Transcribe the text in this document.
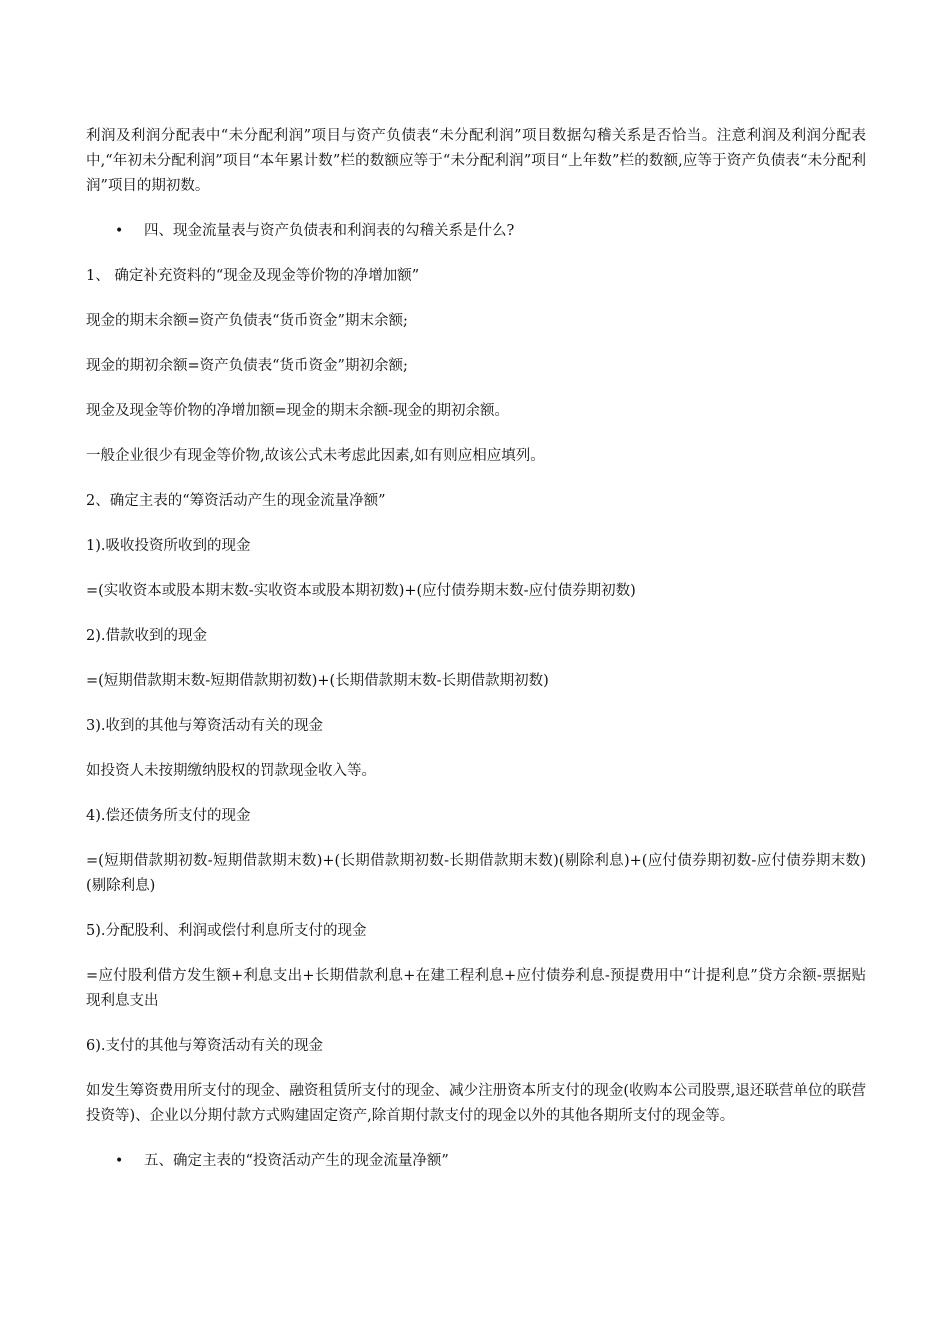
利润及利润分配表中“未分配利润”项目与资产负债表“未分配利润”项目数据勾稽关系是否恰当。注意利润及利润分配表中,“年初未分配利润”项目“本年累计数”栏的数额应等于“未分配利润”项目“上年数”栏的数额,应等于资产负债表“未分配利润”项目的期初数。

• 四、现金流量表与资产负债表和利润表的勾稽关系是什么?

1、 确定补充资料的“现金及现金等价物的净增加额”

现金的期末余额=资产负债表“货币资金”期末余额;

现金的期初余额=资产负债表“货币资金”期初余额;

现金及现金等价物的净增加额=现金的期末余额-现金的期初余额。

一般企业很少有现金等价物,故该公式未考虑此因素,如有则应相应填列。

2、确定主表的“筹资活动产生的现金流量净额”

1).吸收投资所收到的现金

=(实收资本或股本期末数-实收资本或股本期初数)+(应付债券期末数-应付债券期初数)

2).借款收到的现金

=(短期借款期末数-短期借款期初数)+(长期借款期末数-长期借款期初数)

3).收到的其他与筹资活动有关的现金

如投资人未按期缴纳股权的罚款现金收入等。

4).偿还债务所支付的现金

=(短期借款期初数-短期借款期末数)+(长期借款期初数-长期借款期末数)(剔除利息)+(应付债券期初数-应付债券期末数)(剔除利息)

5).分配股利、利润或偿付利息所支付的现金

=应付股利借方发生额+利息支出+长期借款利息+在建工程利息+应付债券利息-预提费用中“计提利息”贷方余额-票据贴现利息支出

6).支付的其他与筹资活动有关的现金

如发生筹资费用所支付的现金、融资租赁所支付的现金、减少注册资本所支付的现金(收购本公司股票,退还联营单位的联营投资等)、企业以分期付款方式购建固定资产,除首期付款支付的现金以外的其他各期所支付的现金等。

• 五、确定主表的“投资活动产生的现金流量净额”
